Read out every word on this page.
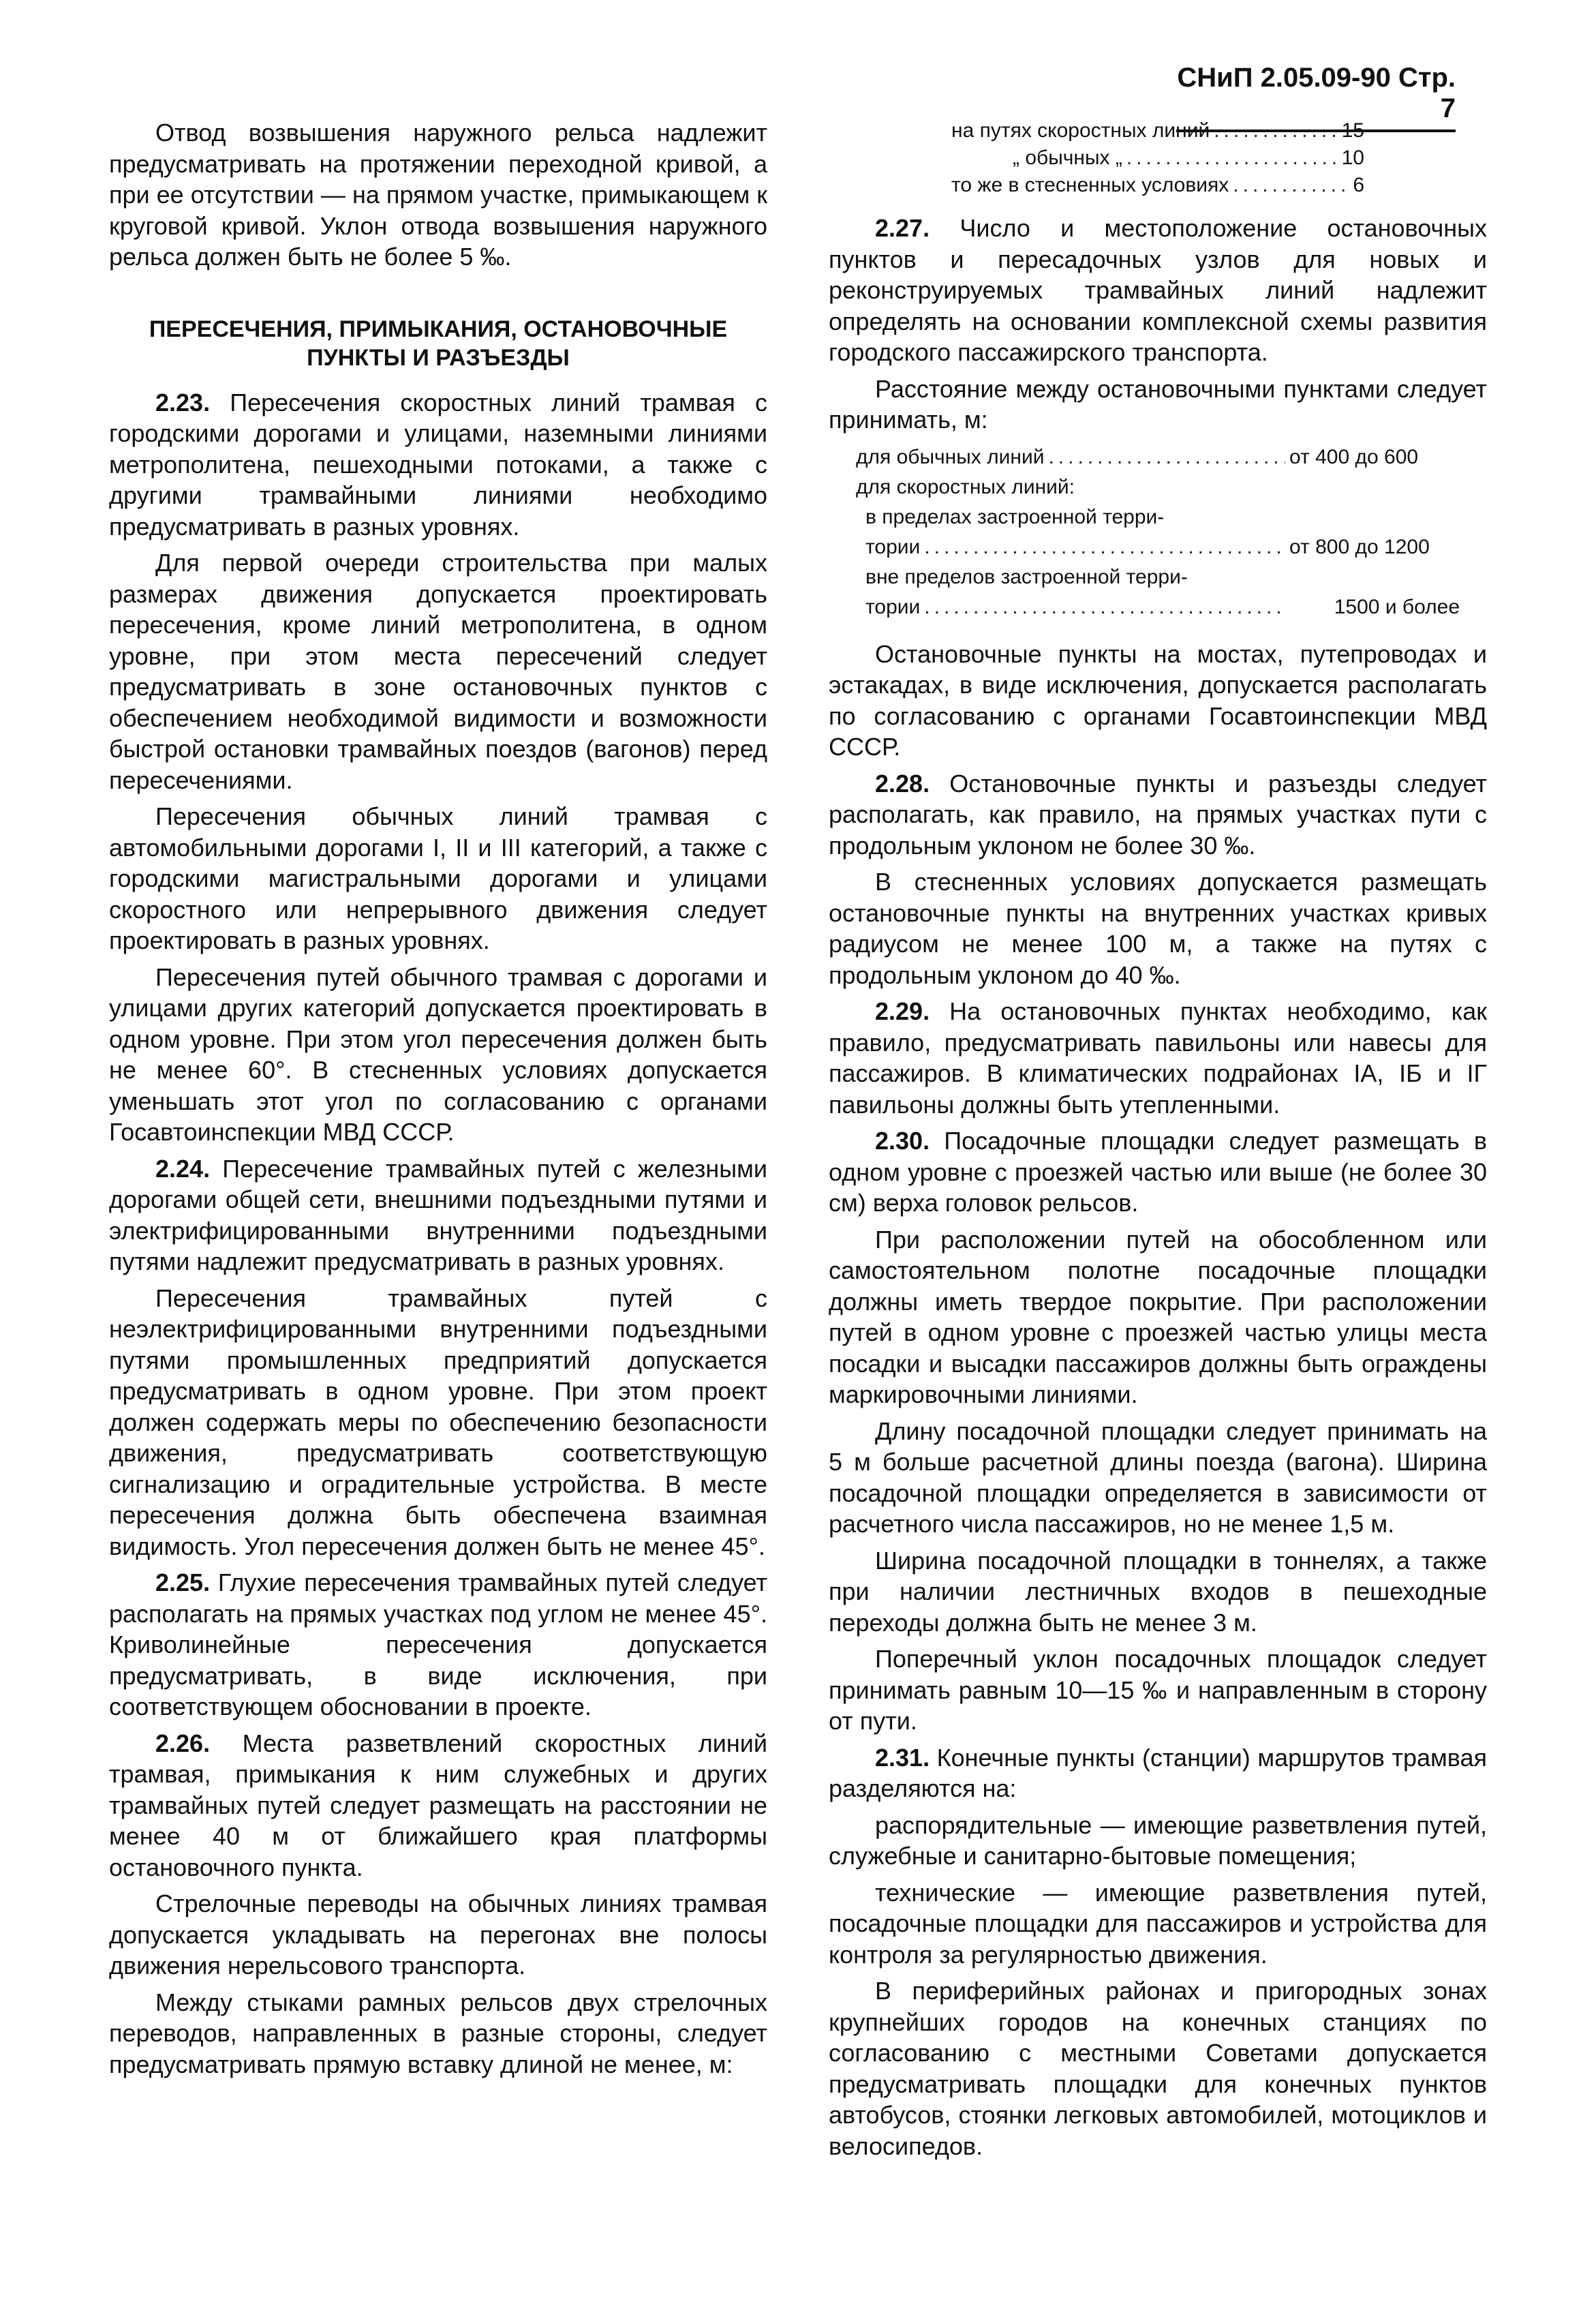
СНиП 2.05.09-90 Стр. 7

Отвод возвышения наружного рельса надлежит предусматривать на протяжении переходной кривой, а при ее отсутствии — на прямом участке, примыкающем к круговой кривой. Уклон отвода возвышения наружного рельса должен быть не более 5 ‰.

ПЕРЕСЕЧЕНИЯ, ПРИМЫКАНИЯ, ОСТАНОВОЧНЫЕ ПУНКТЫ И РАЗЪЕЗДЫ

2.23. Пересечения скоростных линий трамвая с городскими дорогами и улицами, наземными линиями метрополитена, пешеходными потоками, а также с другими трамвайными линиями необходимо предусматривать в разных уровнях.

Для первой очереди строительства при малых размерах движения допускается проектировать пересечения, кроме линий метрополитена, в одном уровне, при этом места пересечений следует предусматривать в зоне остановочных пунктов с обеспечением необходимой видимости и возможности быстрой остановки трамвайных поездов (вагонов) перед пересечениями.

Пересечения обычных линий трамвая с автомобильными дорогами I, II и III категорий, а также с городскими магистральными дорогами и улицами скоростного или непрерывного движения следует проектировать в разных уровнях.

Пересечения путей обычного трамвая с дорогами и улицами других категорий допускается проектировать в одном уровне. При этом угол пересечения должен быть не менее 60°. В стесненных условиях допускается уменьшать этот угол по согласованию с органами Госавтоинспекции МВД СССР.

2.24. Пересечение трамвайных путей с железными дорогами общей сети, внешними подъездными путями и электрифицированными внутренними подъездными путями надлежит предусматривать в разных уровнях.

Пересечения трамвайных путей с неэлектрифицированными внутренними подъездными путями промышленных предприятий допускается предусматривать в одном уровне. При этом проект должен содержать меры по обеспечению безопасности движения, предусматривать соответствующую сигнализацию и оградительные устройства. В месте пересечения должна быть обеспечена взаимная видимость. Угол пересечения должен быть не менее 45°.

2.25. Глухие пересечения трамвайных путей следует располагать на прямых участках под углом не менее 45°. Криволинейные пересечения допускается предусматривать, в виде исключения, при соответствующем обосновании в проекте.

2.26. Места разветвлений скоростных линий трамвая, примыкания к ним служебных и других трамвайных путей следует размещать на расстоянии не менее 40 м от ближайшего края платформы остановочного пункта.

Стрелочные переводы на обычных линиях трамвая допускается укладывать на перегонах вне полосы движения нерельсового транспорта.

Между стыками рамных рельсов двух стрелочных переводов, направленных в разные стороны, следует предусматривать прямую вставку длиной не менее, м:

на путях скоростных линий .....	15
„ обычных „ .....	10
то же в стесненных условиях .....	6

2.27. Число и местоположение остановочных пунктов и пересадочных узлов для новых и реконструируемых трамвайных линий надлежит определять на основании комплексной схемы развития городского пассажирского транспорта.

Расстояние между остановочными пунктами следует принимать, м:

для обычных линий .....	от 400 до 600
для скоростных линий:
в пределах застроенной терри-
тории .....	от 800 до 1200
вне пределов застроенной терри-
тории .....	1500 и более

Остановочные пункты на мостах, путепроводах и эстакадах, в виде исключения, допускается располагать по согласованию с органами Госавтоинспекции МВД СССР.

2.28. Остановочные пункты и разъезды следует располагать, как правило, на прямых участках пути с продольным уклоном не более 30 ‰.

В стесненных условиях допускается размещать остановочные пункты на внутренних участках кривых радиусом не менее 100 м, а также на путях с продольным уклоном до 40 ‰.

2.29. На остановочных пунктах необходимо, как правило, предусматривать павильоны или навесы для пассажиров. В климатических подрайонах IА, IБ и IГ павильоны должны быть утепленными.

2.30. Посадочные площадки следует размещать в одном уровне с проезжей частью или выше (не более 30 см) верха головок рельсов.

При расположении путей на обособленном или самостоятельном полотне посадочные площадки должны иметь твердое покрытие. При расположении путей в одном уровне с проезжей частью улицы места посадки и высадки пассажиров должны быть ограждены маркировочными линиями.

Длину посадочной площадки следует принимать на 5 м больше расчетной длины поезда (вагона). Ширина посадочной площадки определяется в зависимости от расчетного числа пассажиров, но не менее 1,5 м.

Ширина посадочной площадки в тоннелях, а также при наличии лестничных входов в пешеходные переходы должна быть не менее 3 м.

Поперечный уклон посадочных площадок следует принимать равным 10—15 ‰ и направленным в сторону от пути.

2.31. Конечные пункты (станции) маршрутов трамвая разделяются на:

распорядительные — имеющие разветвления путей, служебные и санитарно-бытовые помещения;

технические — имеющие разветвления путей, посадочные площадки для пассажиров и устройства для контроля за регулярностью движения.

В периферийных районах и пригородных зонах крупнейших городов на конечных станциях по согласованию с местными Советами допускается предусматривать площадки для конечных пунктов автобусов, стоянки легковых автомобилей, мотоциклов и велосипедов.
